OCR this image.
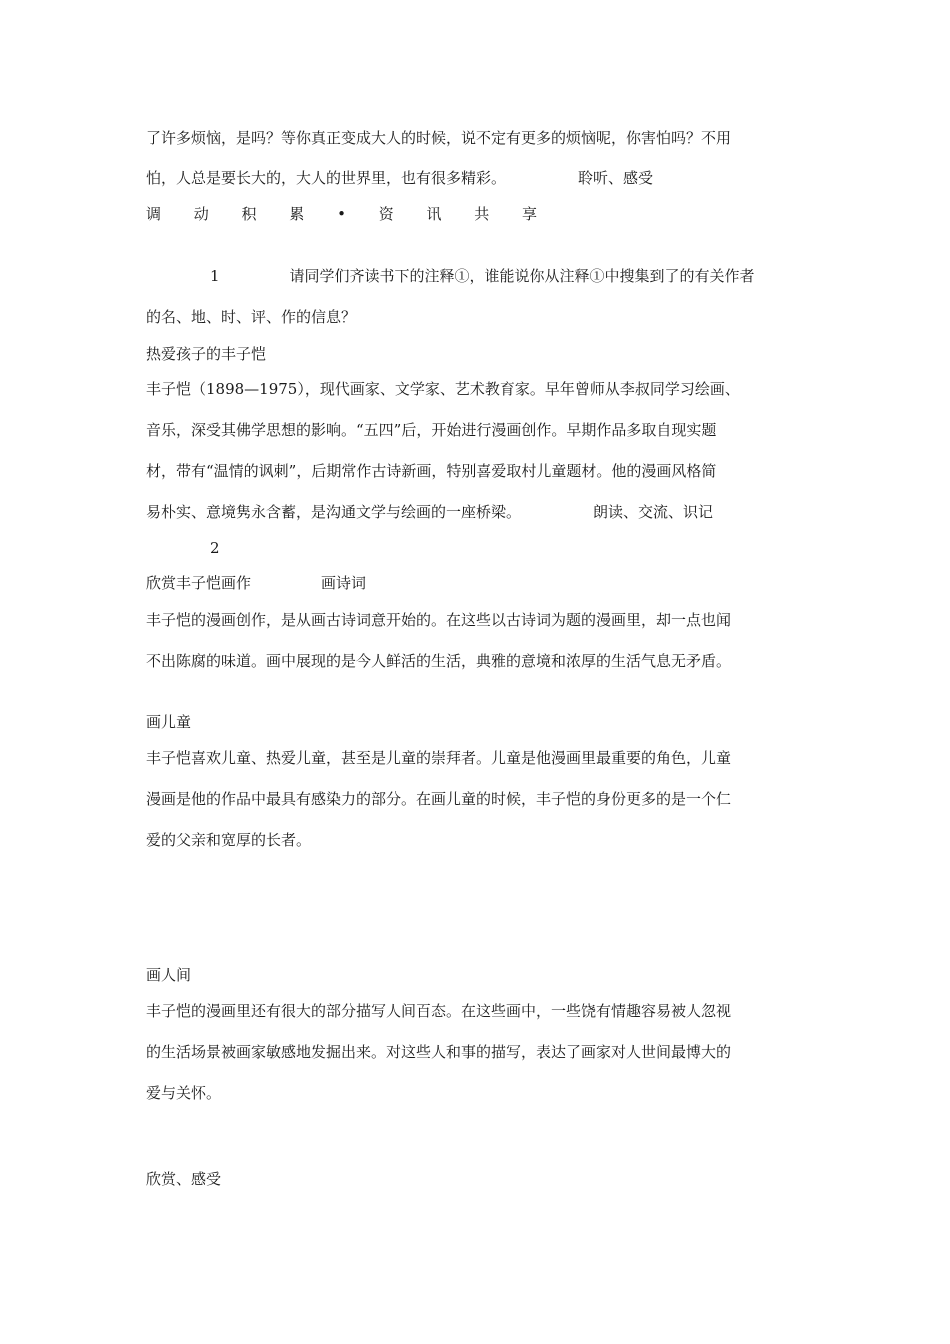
了许多烦恼，是吗？等你真正变成大人的时候，说不定有更多的烦恼呢，你害怕吗？不用
怕，人总是要长大的，大人的世界里，也有很多精彩。	聆听、感受
调 动 积 累 • 资 讯 共 享
1	请同学们齐读书下的注释①，谁能说你从注释①中搜集到了的有关作者
的名、地、时、评、作的信息？
热爱孩子的丰子恺
丰子恺（1898—1975），现代画家、文学家、艺术教育家。早年曾师从李叔同学习绘画、
音乐，深受其佛学思想的影响。“五四”后，开始进行漫画创作。早期作品多取自现实题
材，带有“温情的讽刺”，后期常作古诗新画，特别喜爱取村儿童题材。他的漫画风格简
易朴实、意境隽永含蓄，是沟通文学与绘画的一座桥梁。	朗读、交流、识记
2
欣赏丰子恺画作	画诗词
丰子恺的漫画创作，是从画古诗词意开始的。在这些以古诗词为题的漫画里，却一点也闻
不出陈腐的味道。画中展现的是今人鲜活的生活，典雅的意境和浓厚的生活气息无矛盾。
画儿童
丰子恺喜欢儿童、热爱儿童，甚至是儿童的崇拜者。儿童是他漫画里最重要的角色，儿童
漫画是他的作品中最具有感染力的部分。在画儿童的时候，丰子恺的身份更多的是一个仁
爱的父亲和宽厚的长者。
画人间
丰子恺的漫画里还有很大的部分描写人间百态。在这些画中，一些饶有情趣容易被人忽视
的生活场景被画家敏感地发掘出来。对这些人和事的描写，表达了画家对人世间最博大的
爱与关怀。
欣赏、感受
